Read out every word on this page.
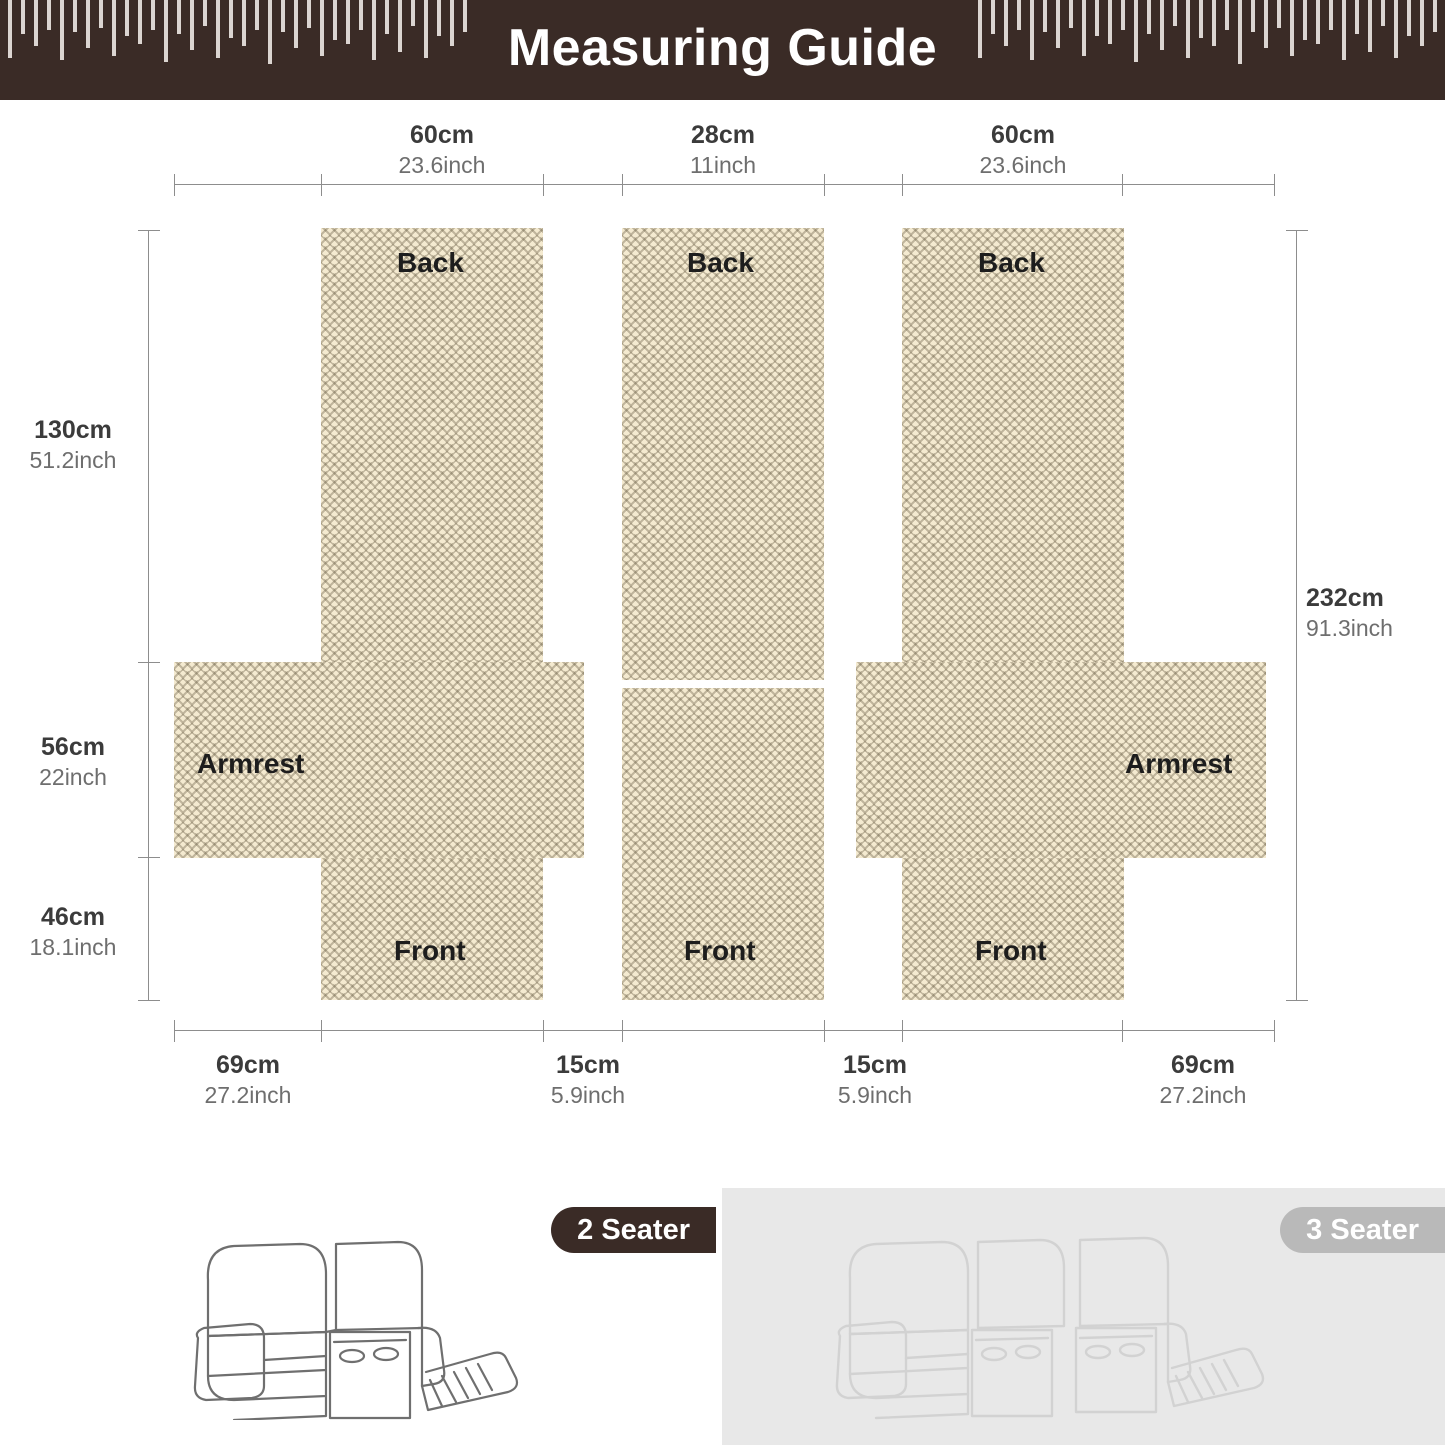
Measuring Guide
60cm
23.6inch
28cm
11inch
60cm
23.6inch
130cm
51.2inch
56cm
22inch
46cm
18.1inch
232cm
91.3inch
Back
Armrest
Front
Back
Front
Back
Armrest
Front
69cm
27.2inch
15cm
5.9inch
15cm
5.9inch
69cm
27.2inch
2 Seater	3 Seater
